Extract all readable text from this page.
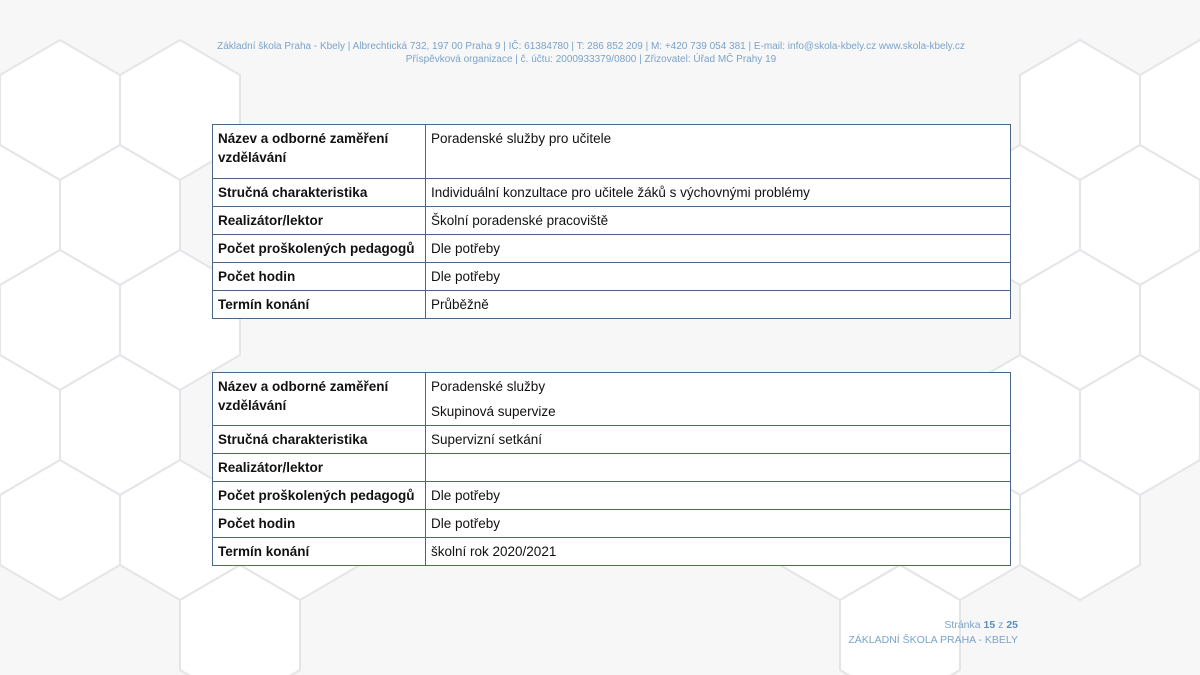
Základní škola Praha - Kbely | Albrechtická 732, 197 00 Praha 9 | IČ: 61384780 | T: 286 852 209 | M: +420 739 054 381 | E-mail: info@skola-kbely.cz www.skola-kbely.cz
Příspěvková organizace | č. účtu: 2000933379/0800 | Zřizovatel: Úřad MČ Prahy 19
Název a odborné zaměření vzdělávání	Poradenské služby pro učitele
Stručná charakteristika	Individuální konzultace pro učitele žáků s výchovnými problémy
Realizátor/lektor	Školní poradenské pracoviště
Počet proškolených pedagogů	Dle potřeby
Počet hodin	Dle potřeby
Termín konání	Průběžně
Název a odborné zaměření vzdělávání	Poradenské služby
Skupinová supervize

Stručná charakteristika	Supervizní setkání
Realizátor/lektor	
Počet proškolených pedagogů	Dle potřeby
Počet hodin	Dle potřeby
Termín konání	školní rok 2020/2021
Stránka 15 z 25
ZÁKLADNÍ ŠKOLA PRAHA - KBELY
